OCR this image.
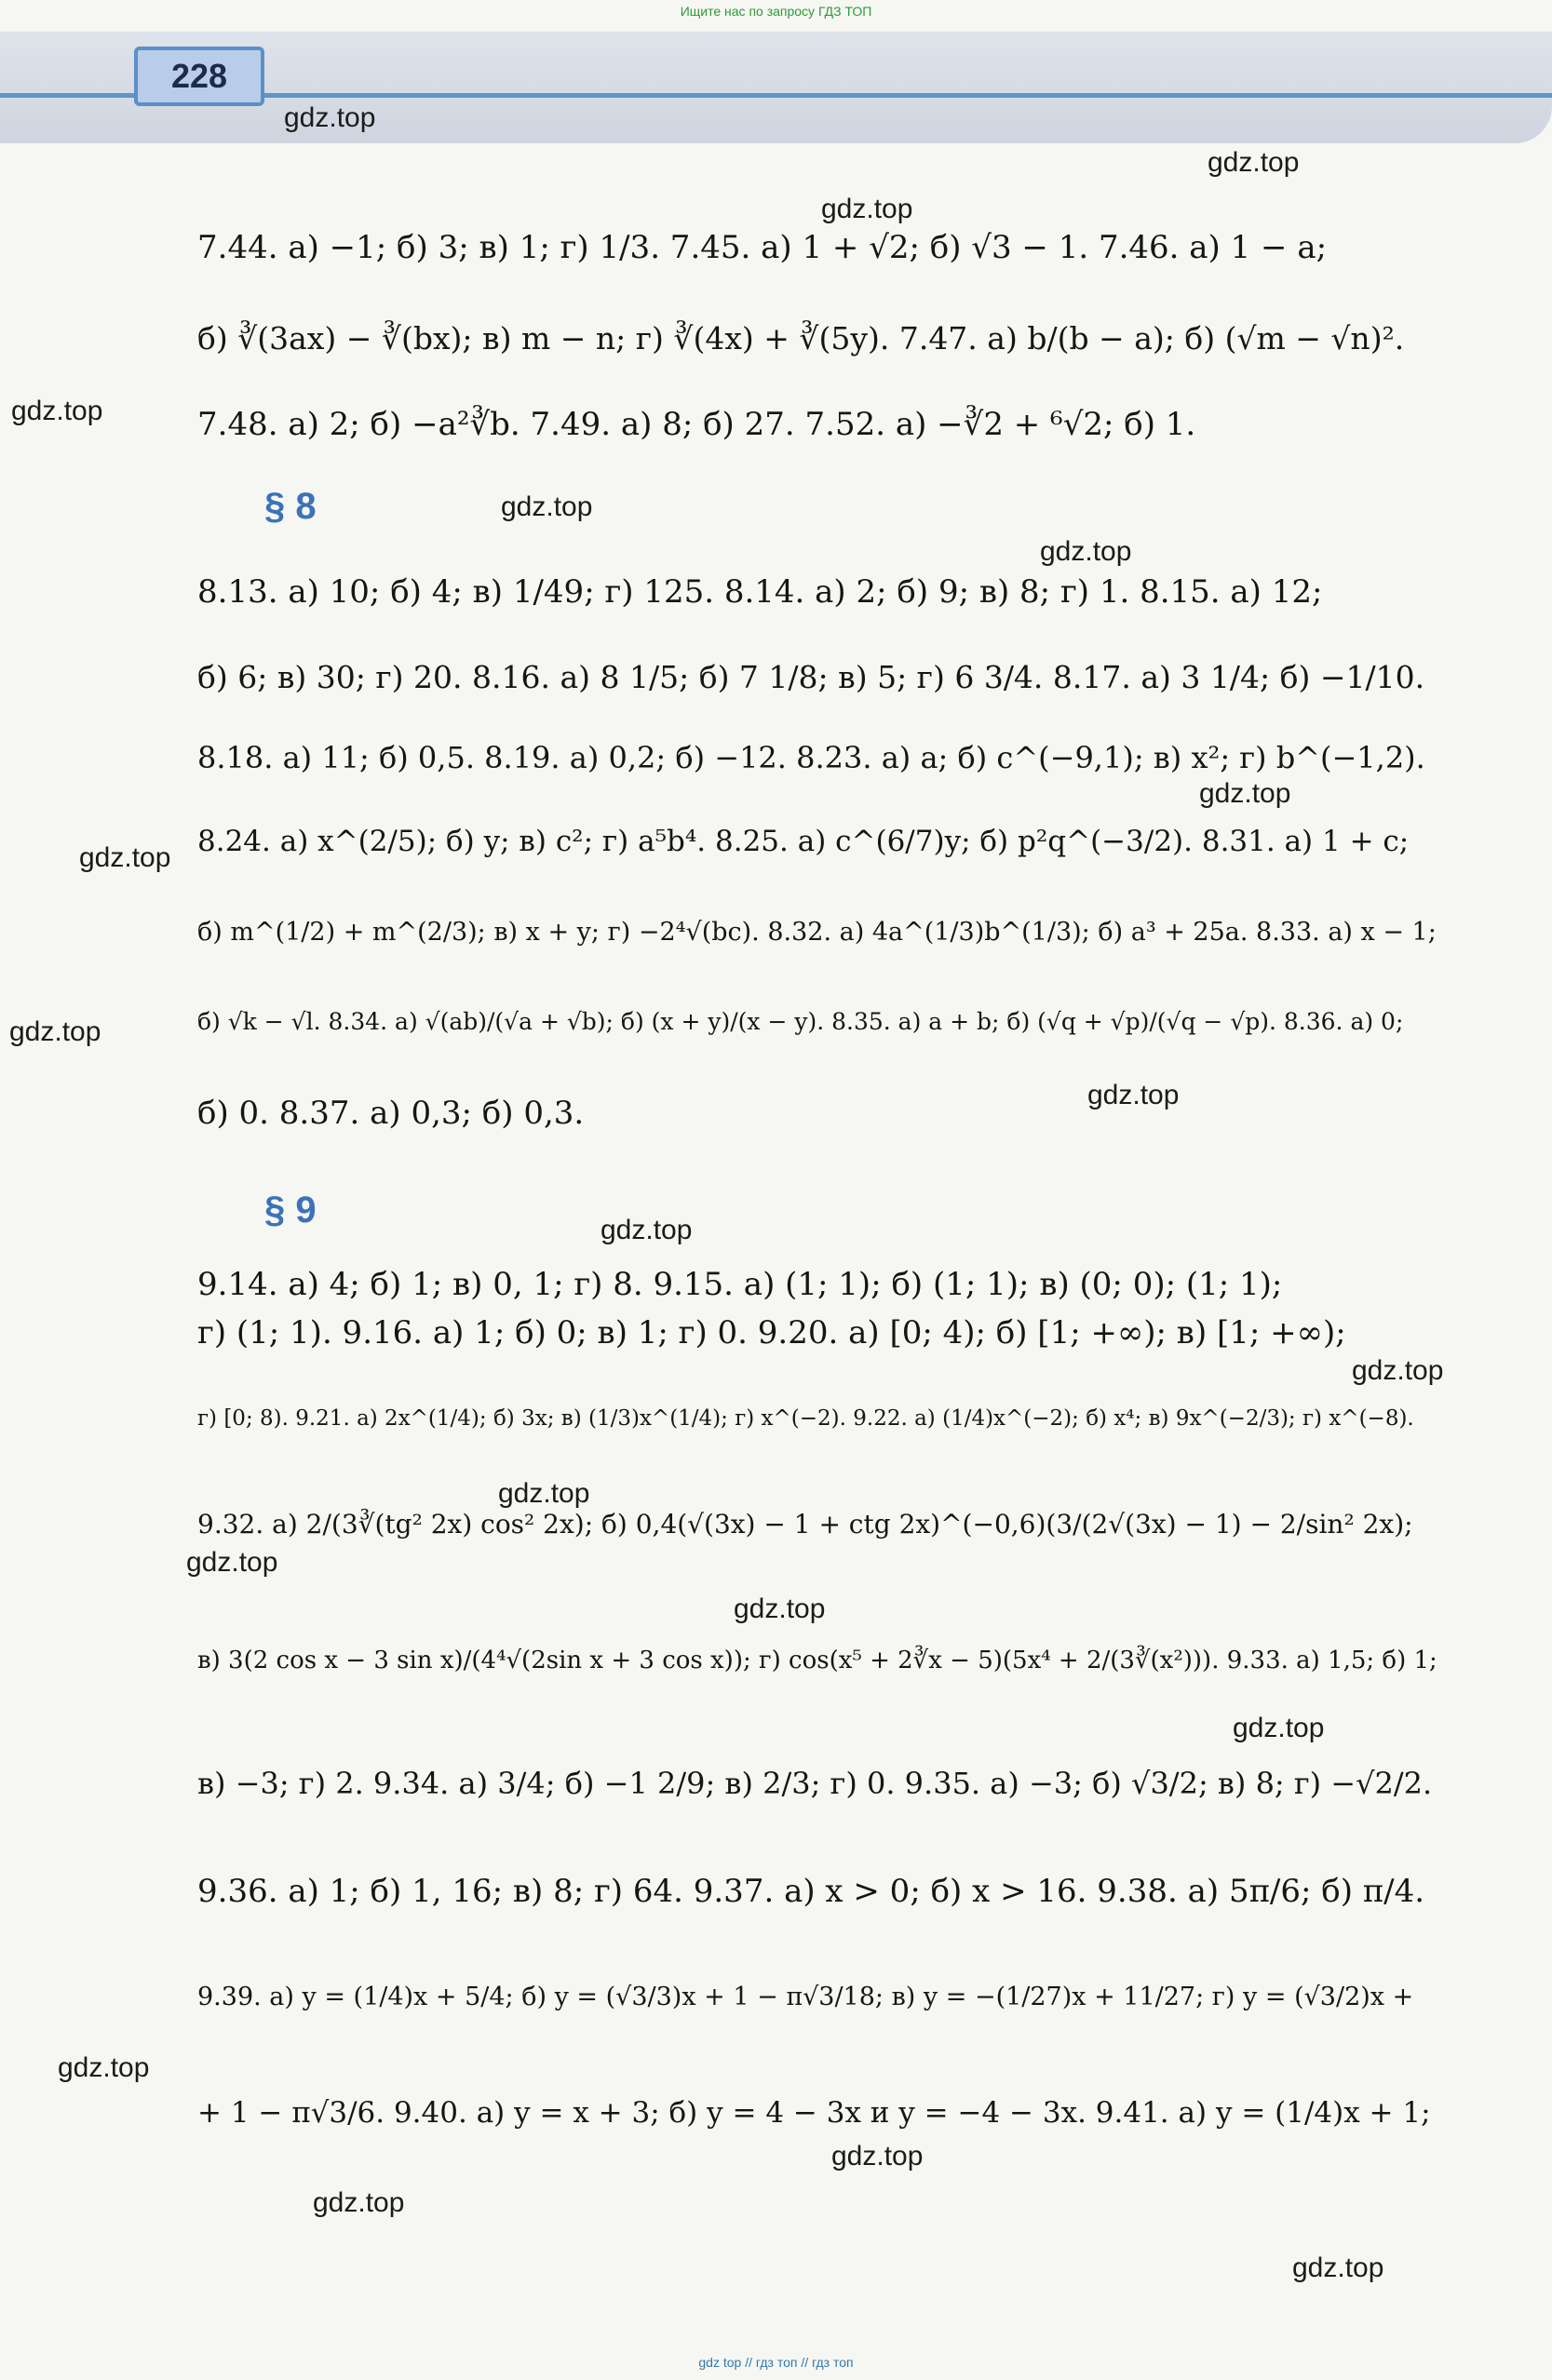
Ищите нас по запросу ГДЗ ТОП
228
gdz.top
gdz.top
gdz.top
gdz.top
gdz.top
gdz.top
gdz.top
gdz.top
gdz.top
gdz.top
gdz.top
gdz.top
gdz.top
gdz.top
gdz.top
gdz.top
gdz.top
gdz.top
gdz.top
gdz.top
7.44. а) −1; б) 3; в) 1; г) 1/3. 7.45. а) 1 + √2; б) √3 − 1. 7.46. а) 1 − a;
б) ∛(3ax) − ∛(bx); в) m − n; г) ∛(4x) + ∛(5y). 7.47. а) b/(b − a); б) (√m − √n)².
7.48. а) 2; б) −a²∛b. 7.49. а) 8; б) 27. 7.52. а) −∛2 + ⁶√2; б) 1.
§ 8
8.13. а) 10; б) 4; в) 1/49; г) 125. 8.14. а) 2; б) 9; в) 8; г) 1. 8.15. а) 12;
б) 6; в) 30; г) 20. 8.16. а) 8 1/5; б) 7 1/8; в) 5; г) 6 3/4. 8.17. а) 3 1/4; б) −1/10.
8.18. а) 11; б) 0,5. 8.19. а) 0,2; б) −12. 8.23. а) a; б) c^(−9,1); в) x²; г) b^(−1,2).
8.24. а) x^(2/5); б) y; в) c²; г) a⁵b⁴. 8.25. а) c^(6/7)y; б) p²q^(−3/2). 8.31. а) 1 + c;
б) m^(1/2) + m^(2/3); в) x + y; г) −2⁴√(bc). 8.32. а) 4a^(1/3)b^(1/3); б) a³ + 25a. 8.33. а) x − 1;
б) √k − √l. 8.34. а) √(ab)/(√a + √b); б) (x + y)/(x − y). 8.35. а) a + b; б) (√q + √p)/(√q − √p). 8.36. а) 0;
б) 0. 8.37. а) 0,3; б) 0,3.
§ 9
9.14. а) 4; б) 1; в) 0, 1; г) 8. 9.15. а) (1; 1); б) (1; 1); в) (0; 0); (1; 1);
г) (1; 1). 9.16. а) 1; б) 0; в) 1; г) 0. 9.20. а) [0; 4); б) [1; +∞); в) [1; +∞);
г) [0; 8). 9.21. а) 2x^(1/4); б) 3x; в) (1/3)x^(1/4); г) x^(−2). 9.22. а) (1/4)x^(−2); б) x⁴; в) 9x^(−2/3); г) x^(−8).
9.32. а) 2/(3∛(tg² 2x) cos² 2x); б) 0,4(√(3x) − 1 + ctg 2x)^(−0,6)(3/(2√(3x) − 1) − 2/sin² 2x);
в) 3(2 cos x − 3 sin x)/(4⁴√(2sin x + 3 cos x)); г) cos(x⁵ + 2∛x − 5)(5x⁴ + 2/(3∛(x²))). 9.33. а) 1,5; б) 1;
в) −3; г) 2. 9.34. а) 3/4; б) −1 2/9; в) 2/3; г) 0. 9.35. а) −3; б) √3/2; в) 8; г) −√2/2.
9.36. а) 1; б) 1, 16; в) 8; г) 64. 9.37. а) x > 0; б) x > 16. 9.38. а) 5π/6; б) π/4.
9.39. а) y = (1/4)x + 5/4; б) y = (√3/3)x + 1 − π√3/18; в) y = −(1/27)x + 11/27; г) y = (√3/2)x +
+ 1 − π√3/6. 9.40. а) y = x + 3; б) y = 4 − 3x и y = −4 − 3x. 9.41. а) y = (1/4)x + 1;
gdz top // гдз топ // гдз топ
